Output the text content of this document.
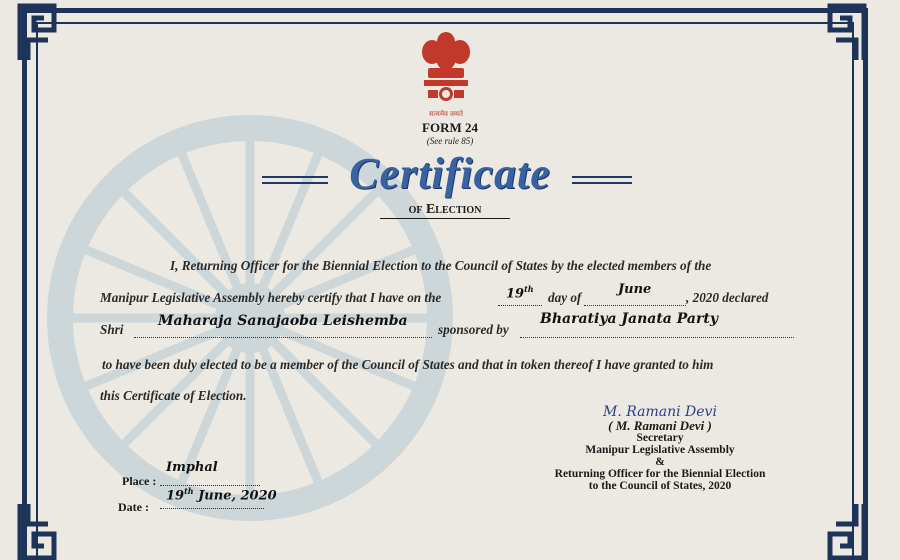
सत्यमेव जयते
FORM 24
(See rule 85)
Certificate
of Election
I, Returning Officer for the Biennial Election to the Council of States by the elected members of the
Manipur Legislative Assembly hereby certify that I have on the	19th
day of
June
, 2020 declared
Shri
Maharaja Sanajaoba Leishemba
sponsored by
Bharatiya Janata Party
to have been duly elected to be a member of the Council of States and that in token thereof I have granted to him
this Certificate of Election.
Place :
Imphal
Date :
19th June, 2020
M. Ramani Devi
( M. Ramani Devi )
Secretary
Manipur Legislative Assembly
&
Returning Officer for the Biennial Election
to the Council of States, 2020
